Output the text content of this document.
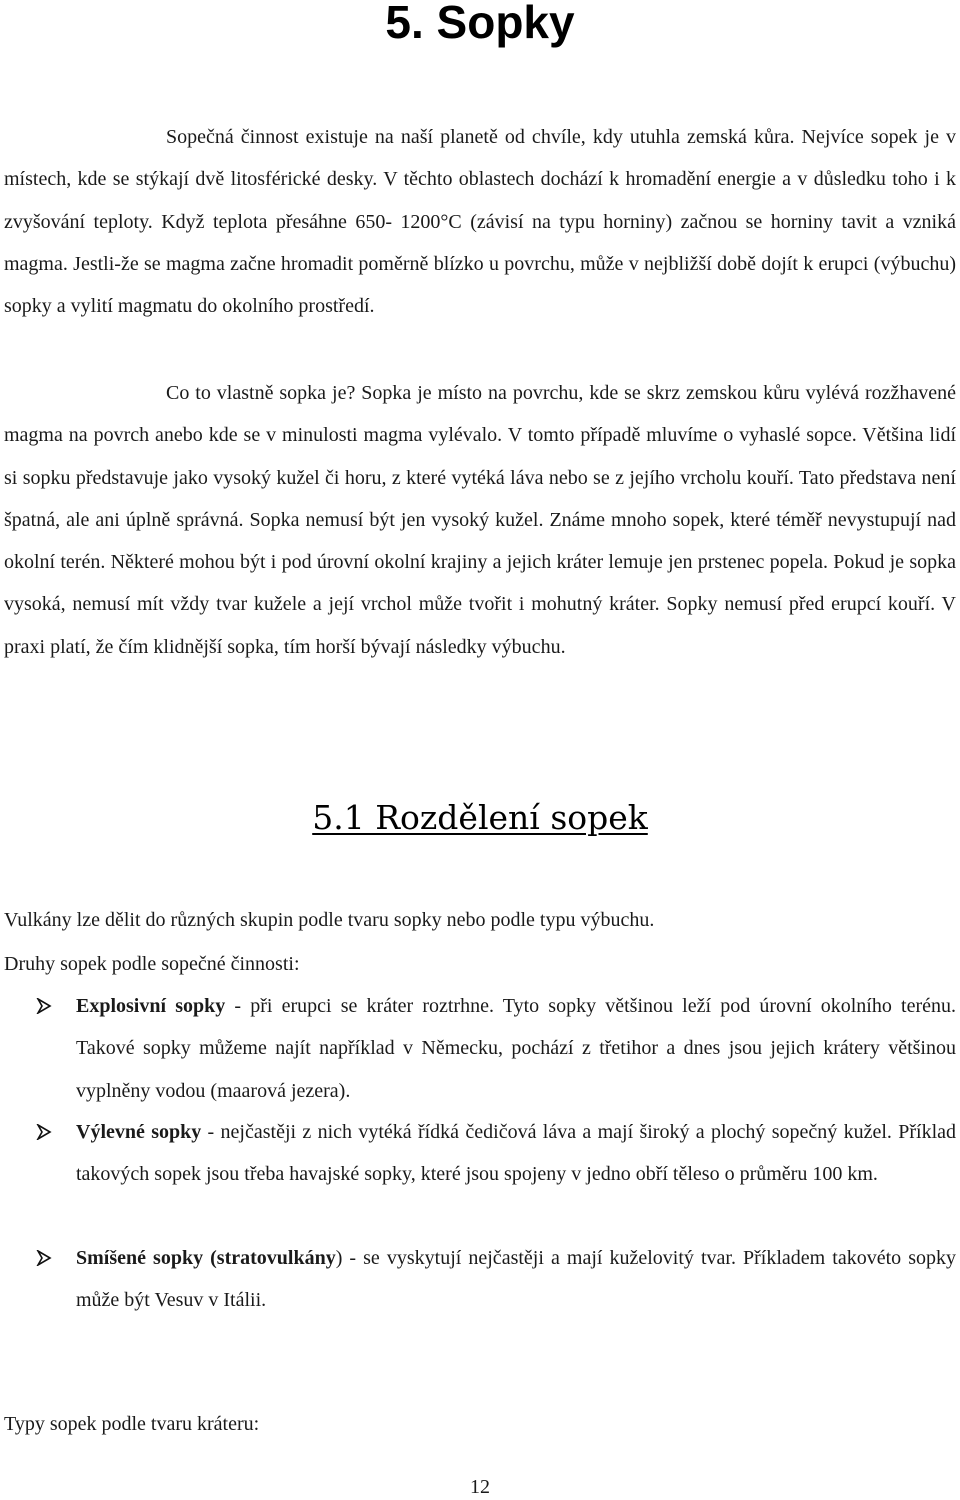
5. Sopky

Sopečná činnost existuje na naší planetě od chvíle, kdy utuhla zemská kůra. Nejvíce sopek je v místech, kde se stýkají dvě litosférické desky. V těchto oblastech dochází k hromadění energie a v důsledku toho i k zvyšování teploty. Když teplota přesáhne 650- 1200°C (závisí na typu horniny) začnou se horniny tavit a vzniká magma. Jestli-že se magma začne hromadit poměrně blízko u povrchu, může v nejbližší době dojít k erupci (výbuchu) sopky a vylití magmatu do okolního prostředí.

Co to vlastně sopka je? Sopka je místo na povrchu, kde se skrz zemskou kůru vylévá rozžhavené magma na povrch anebo kde se v minulosti magma vylévalo. V tomto případě mluvíme o vyhaslé sopce. Většina lidí si sopku představuje jako vysoký kužel či horu, z které vytéká láva nebo se z jejího vrcholu kouří. Tato představa není špatná, ale ani úplně správná. Sopka nemusí být jen vysoký kužel. Známe mnoho sopek, které téměř nevystupují nad okolní terén. Některé mohou být i pod úrovní okolní krajiny a jejich kráter lemuje jen prstenec popela. Pokud je sopka vysoká, nemusí mít vždy tvar kužele a její vrchol může tvořit i mohutný kráter. Sopky nemusí před erupcí kouří. V praxi platí, že čím klidnější sopka, tím horší bývají následky výbuchu.

5.1 Rozdělení sopek

Vulkány lze dělit do různých skupin podle tvaru sopky nebo podle typu výbuchu.

Druhy sopek podle sopečné činnosti:

Explosivní sopky - při erupci se kráter roztrhne. Tyto sopky většinou leží pod úrovní okolního terénu. Takové sopky můžeme najít například v Německu, pochází z třetihor a dnes jsou jejich krátery většinou vyplněny vodou (maarová jezera).

Výlevné sopky - nejčastěji z nich vytéká řídká čedičová láva a mají široký a plochý sopečný kužel. Příklad takových sopek jsou třeba havajské sopky, které jsou spojeny v jedno obří těleso o průměru 100 km.

Smíšené sopky (stratovulkány) - se vyskytují nejčastěji a mají kuželovitý tvar. Příkladem takovéto sopky může být Vesuv v Itálii.

Typy sopek podle tvaru kráteru:

12
